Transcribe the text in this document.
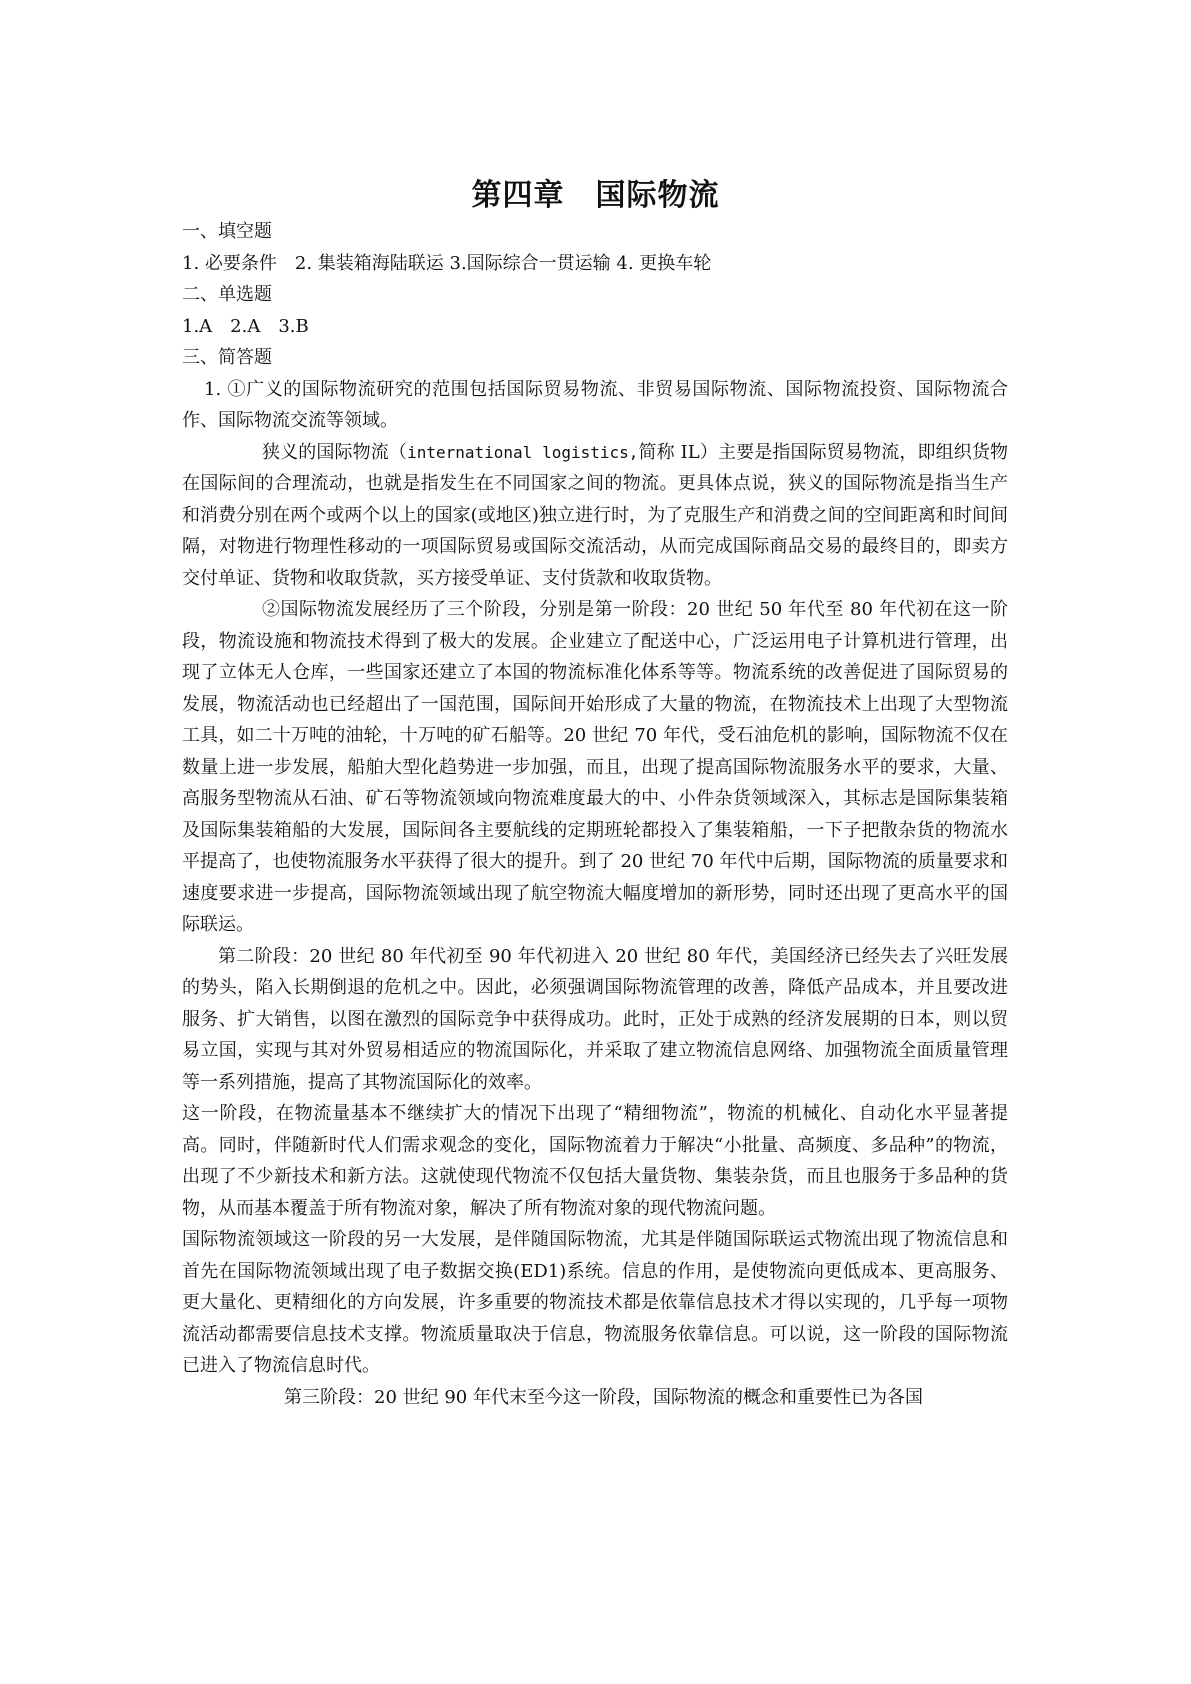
第四章　国际物流

一、填空题

1. 必要条件　2. 集装箱海陆联运 3.国际综合一贯运输 4. 更换车轮

二、单选题

1.A　2.A　3.B

三、简答题

1. ①广义的国际物流研究的范围包括国际贸易物流、非贸易国际物流、国际物流投资、国际物流合作、国际物流交流等领域。

狭义的国际物流（international logistics,简称 IL）主要是指国际贸易物流，即组织货物在国际间的合理流动，也就是指发生在不同国家之间的物流。更具体点说，狭义的国际物流是指当生产和消费分别在两个或两个以上的国家(或地区)独立进行时，为了克服生产和消费之间的空间距离和时间间隔，对物进行物理性移动的一项国际贸易或国际交流活动，从而完成国际商品交易的最终目的，即卖方交付单证、货物和收取货款，买方接受单证、支付货款和收取货物。

②国际物流发展经历了三个阶段，分别是第一阶段：20 世纪 50 年代至 80 年代初在这一阶段，物流设施和物流技术得到了极大的发展。企业建立了配送中心，广泛运用电子计算机进行管理，出现了立体无人仓库，一些国家还建立了本国的物流标准化体系等等。物流系统的改善促进了国际贸易的发展，物流活动也已经超出了一国范围，国际间开始形成了大量的物流，在物流技术上出现了大型物流工具，如二十万吨的油轮，十万吨的矿石船等。20 世纪 70 年代，受石油危机的影响，国际物流不仅在数量上进一步发展，船舶大型化趋势进一步加强，而且，出现了提高国际物流服务水平的要求，大量、高服务型物流从石油、矿石等物流领域向物流难度最大的中、小件杂货领域深入，其标志是国际集装箱及国际集装箱船的大发展，国际间各主要航线的定期班轮都投入了集装箱船，一下子把散杂货的物流水平提高了，也使物流服务水平获得了很大的提升。到了 20 世纪 70 年代中后期，国际物流的质量要求和速度要求进一步提高，国际物流领域出现了航空物流大幅度增加的新形势，同时还出现了更高水平的国际联运。

第二阶段：20 世纪 80 年代初至 90 年代初进入 20 世纪 80 年代，美国经济已经失去了兴旺发展的势头，陷入长期倒退的危机之中。因此，必须强调国际物流管理的改善，降低产品成本，并且要改进服务、扩大销售，以图在激烈的国际竞争中获得成功。此时，正处于成熟的经济发展期的日本，则以贸易立国，实现与其对外贸易相适应的物流国际化，并采取了建立物流信息网络、加强物流全面质量管理等一系列措施，提高了其物流国际化的效率。

这一阶段，在物流量基本不继续扩大的情况下出现了“精细物流”，物流的机械化、自动化水平显著提高。同时，伴随新时代人们需求观念的变化，国际物流着力于解决“小批量、高频度、多品种”的物流，出现了不少新技术和新方法。这就使现代物流不仅包括大量货物、集装杂货，而且也服务于多品种的货物，从而基本覆盖于所有物流对象，解决了所有物流对象的现代物流问题。

国际物流领域这一阶段的另一大发展，是伴随国际物流，尤其是伴随国际联运式物流出现了物流信息和首先在国际物流领域出现了电子数据交换(ED1)系统。信息的作用，是使物流向更低成本、更高服务、更大量化、更精细化的方向发展，许多重要的物流技术都是依靠信息技术才得以实现的，几乎每一项物流活动都需要信息技术支撑。物流质量取决于信息，物流服务依靠信息。可以说，这一阶段的国际物流已进入了物流信息时代。

第三阶段：20 世纪 90 年代末至今这一阶段，国际物流的概念和重要性已为各国
